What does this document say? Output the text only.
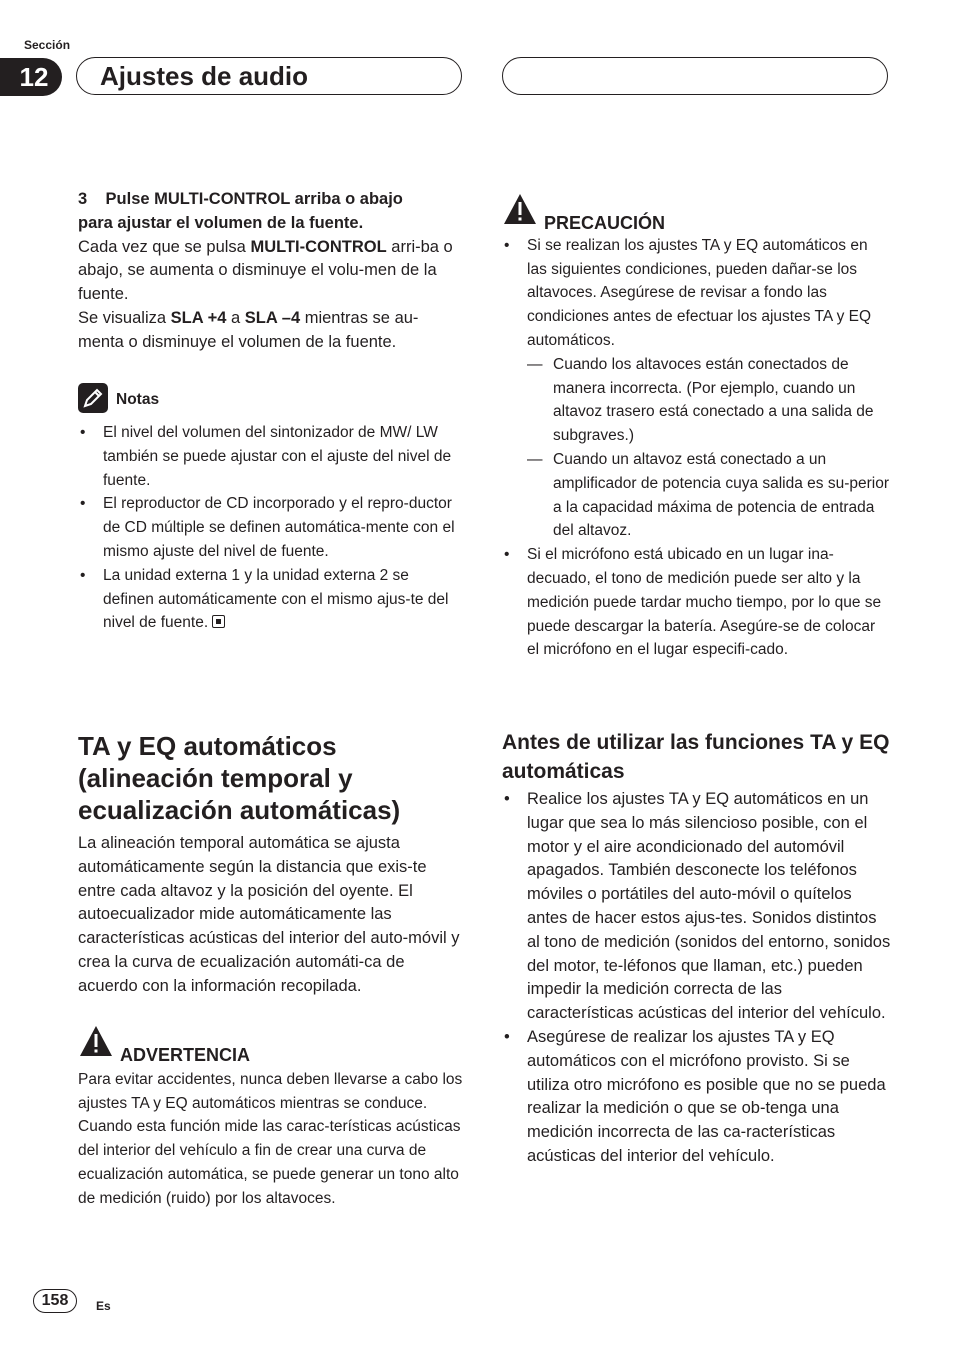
Sección
12	Ajustes de audio

3 Pulse MULTI-CONTROL arriba o abajo
para ajustar el volumen de la fuente.

Cada vez que se pulsa MULTI-CONTROL arri-ba o abajo, se aumenta o disminuye el volu-men de la fuente.

Se visualiza SLA +4 a SLA –4 mientras se au-menta o disminuye el volumen de la fuente.

Notas
• El nivel del volumen del sintonizador de MW/ LW también se puede ajustar con el ajuste del nivel de fuente.
• El reproductor de CD incorporado y el repro-ductor de CD múltiple se definen automática-mente con el mismo ajuste del nivel de fuente.
• La unidad externa 1 y la unidad externa 2 se definen automáticamente con el mismo ajus-te del nivel de fuente.
TA y EQ automáticos (alineación temporal y ecualización automáticas)

La alineación temporal automática se ajusta automáticamente según la distancia que exis-te entre cada altavoz y la posición del oyente. El autoecualizador mide automáticamente las características acústicas del interior del auto-móvil y crea la curva de ecualización automáti-ca de acuerdo con la información recopilada.

ADVERTENCIA

Para evitar accidentes, nunca deben llevarse a cabo los ajustes TA y EQ automáticos mientras se conduce. Cuando esta función mide las carac-terísticas acústicas del interior del vehículo a fin de crear una curva de ecualización automática, se puede generar un tono alto de medición (ruido) por los altavoces.

PRECAUCIÓN
• Si se realizan los ajustes TA y EQ automáticos en las siguientes condiciones, pueden dañar-se los altavoces. Asegúrese de revisar a fondo las condiciones antes de efectuar los ajustes TA y EQ automáticos.
— Cuando los altavoces están conectados de manera incorrecta. (Por ejemplo, cuando un altavoz trasero está conectado a una salida de subgraves.)
— Cuando un altavoz está conectado a un amplificador de potencia cuya salida es su-perior a la capacidad máxima de potencia de entrada del altavoz.
• Si el micrófono está ubicado en un lugar ina-decuado, el tono de medición puede ser alto y la medición puede tardar mucho tiempo, por lo que se puede descargar la batería. Asegúre-se de colocar el micrófono en el lugar especifi-cado.
Antes de utilizar las funciones TA y EQ automáticas
• Realice los ajustes TA y EQ automáticos en un lugar que sea lo más silencioso posible, con el motor y el aire acondicionado del automóvil apagados. También desconecte los teléfonos móviles o portátiles del auto-móvil o quítelos antes de hacer estos ajus-tes. Sonidos distintos al tono de medición (sonidos del entorno, sonidos del motor, te-léfonos que llaman, etc.) pueden impedir la medición correcta de las características acústicas del interior del vehículo.
• Asegúrese de realizar los ajustes TA y EQ automáticos con el micrófono provisto. Si se utiliza otro micrófono es posible que no se pueda realizar la medición o que se ob-tenga una medición incorrecta de las ca-racterísticas acústicas del interior del vehículo.
158	Es
